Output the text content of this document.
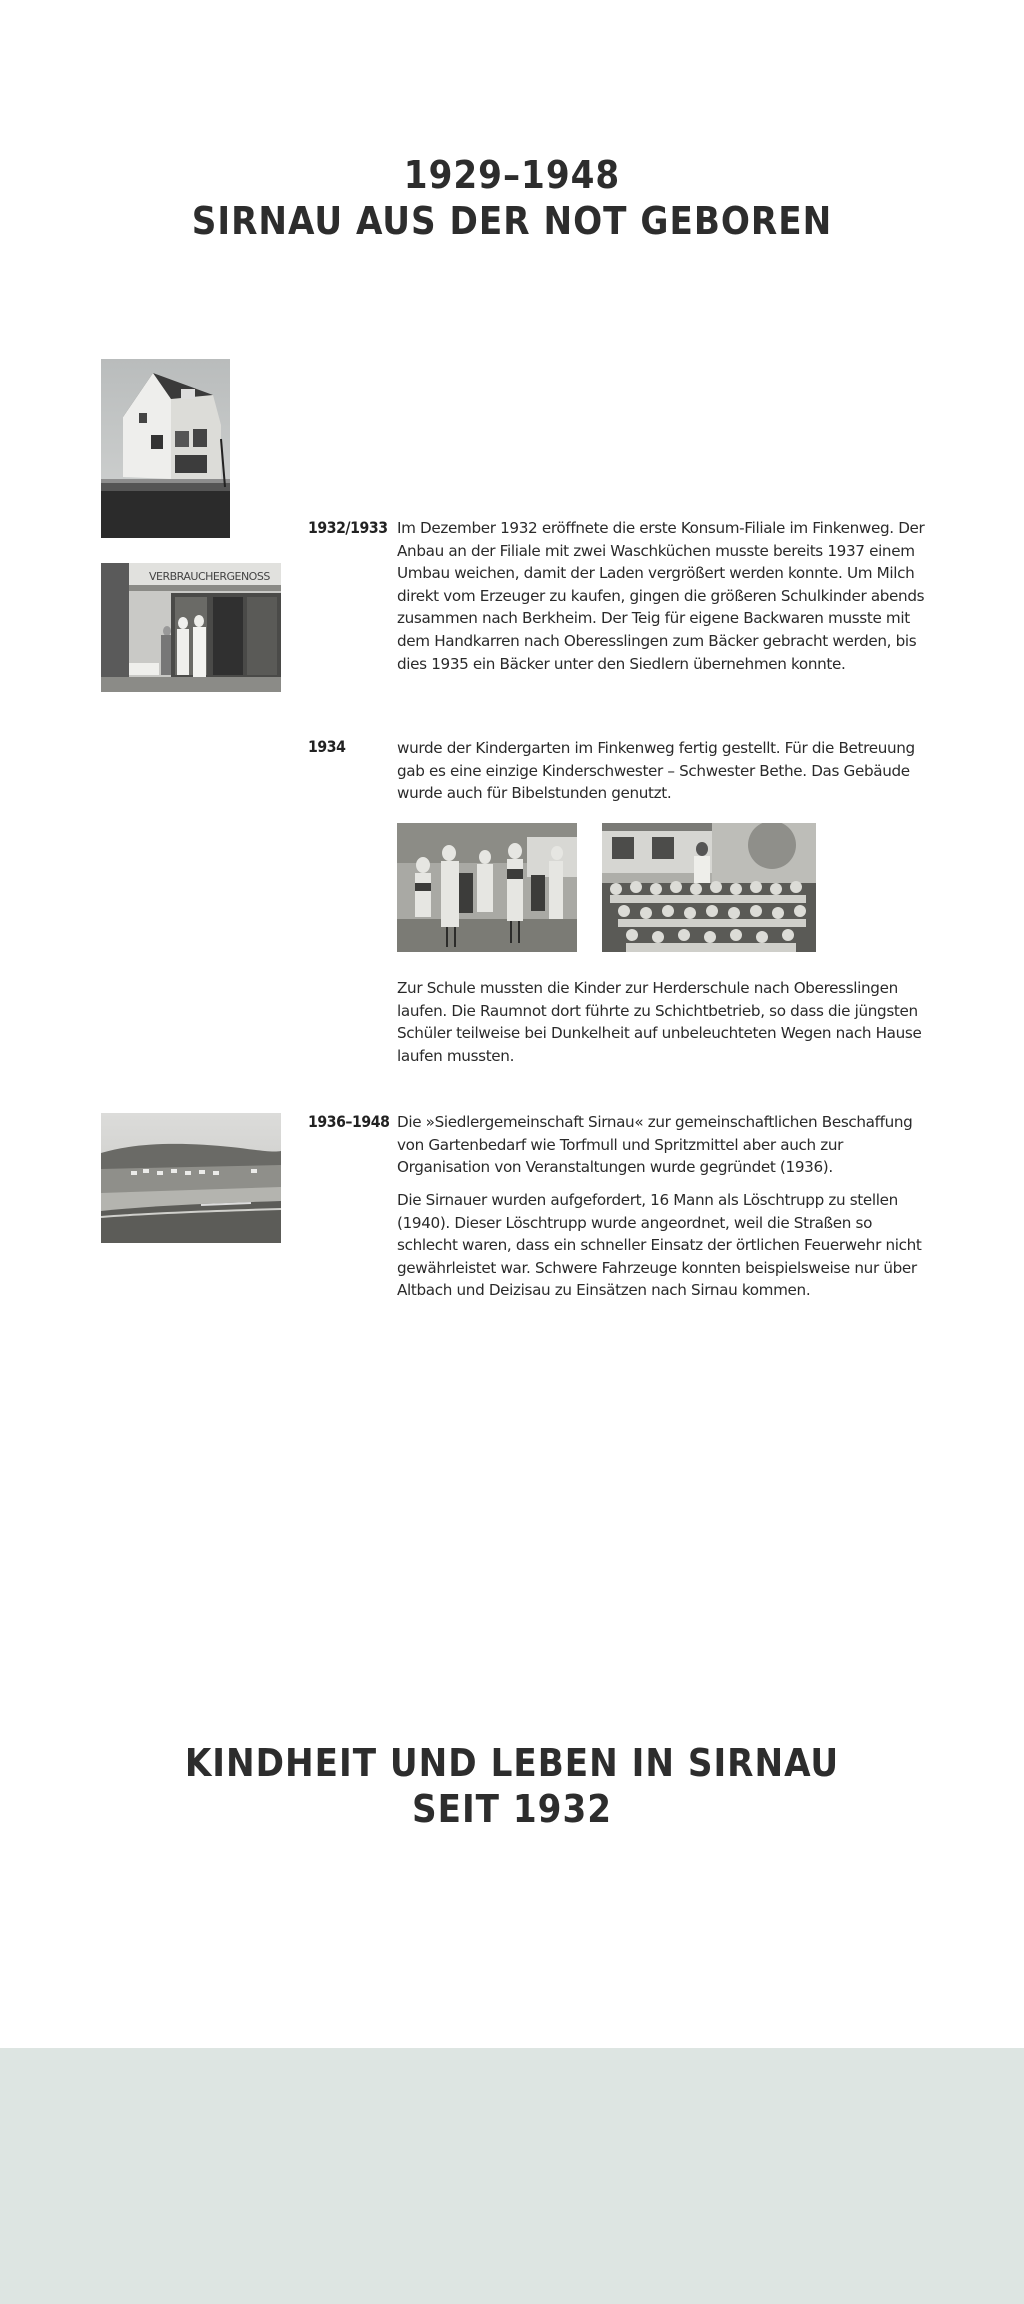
1929–1948
SIRNAU AUS DER NOT GEBOREN
VERBRAUCHERGENOSS
1932/1933 Im Dezember 1932 eröffnete die erste Konsum-Filiale im Finkenweg. Der Anbau an der Filiale mit zwei Waschküchen musste bereits 1937 einem Umbau weichen, damit der Laden vergrößert werden konnte. Um Milch direkt vom Erzeuger zu kaufen, gingen die größeren Schulkinder abends zusammen nach Berkheim. Der Teig für eigene Backwaren musste mit dem Handkarren nach Oberesslingen zum Bäcker gebracht werden, bis dies 1935 ein Bäcker unter den Siedlern übernehmen konnte.

1934	wurde der Kindergarten im Finkenweg fertig gestellt. Für die Betreuung gab es eine einzige Kinderschwester – Schwester Bethe. Das Gebäude wurde auch für Bibelstunden genutzt.

Zur Schule mussten die Kinder zur Herderschule nach Oberesslingen laufen. Die Raumnot dort führte zu Schichtbetrieb, so dass die jüngsten Schüler teilweise bei Dunkelheit auf unbeleuchteten Wegen nach Hause laufen mussten.

1936–1948 Die »Siedlergemeinschaft Sirnau« zur gemeinschaftlichen Beschaffung von Gartenbedarf wie Torfmull und Spritzmittel aber auch zur Organisation von Veranstaltungen wurde gegründet (1936).

Die Sirnauer wurden aufgefordert, 16 Mann als Löschtrupp zu stellen (1940). Dieser Löschtrupp wurde angeordnet, weil die Straßen so schlecht waren, dass ein schneller Einsatz der örtlichen Feuerwehr nicht gewährleistet war. Schwere Fahrzeuge konnten beispielsweise nur über Altbach und Deizisau zu Einsätzen nach Sirnau kommen.

KINDHEIT UND LEBEN IN SIRNAU
SEIT 1932
